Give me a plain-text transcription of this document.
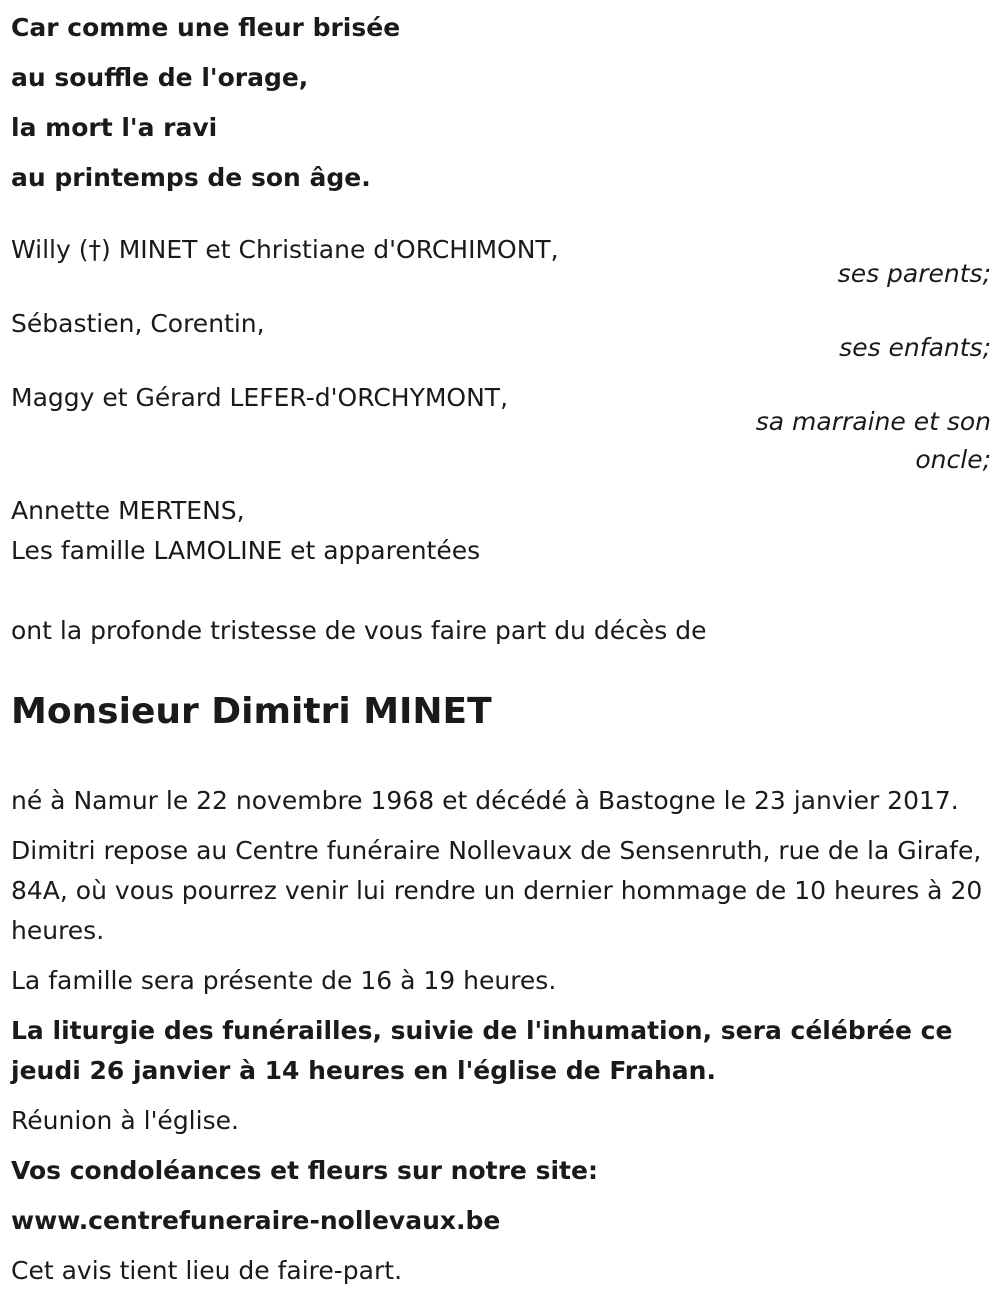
Car comme une fleur brisée

au souffle de l'orage,

la mort l'a ravi

au printemps de son âge.

Willy (†) MINET et Christiane d'ORCHIMONT,

ses parents;

Sébastien, Corentin,

ses enfants;

Maggy et Gérard LEFER-d'ORCHYMONT,

sa marraine et son oncle;

Annette MERTENS,

Les famille LAMOLINE et apparentées

ont la profonde tristesse de vous faire part du décès de

Monsieur Dimitri MINET

né à Namur le 22 novembre 1968 et décédé à Bastogne le 23 janvier 2017.

Dimitri repose au Centre funéraire Nollevaux de Sensenruth, rue de la Girafe, 84A, où vous pourrez venir lui rendre un dernier hommage de 10 heures à 20 heures.

La famille sera présente de 16 à 19 heures.

La liturgie des funérailles, suivie de l'inhumation, sera célébrée ce jeudi 26 janvier à 14 heures en l'église de Frahan.

Réunion à l'église.

Vos condoléances et fleurs sur notre site:

www.centrefuneraire-nollevaux.be

Cet avis tient lieu de faire-part.
